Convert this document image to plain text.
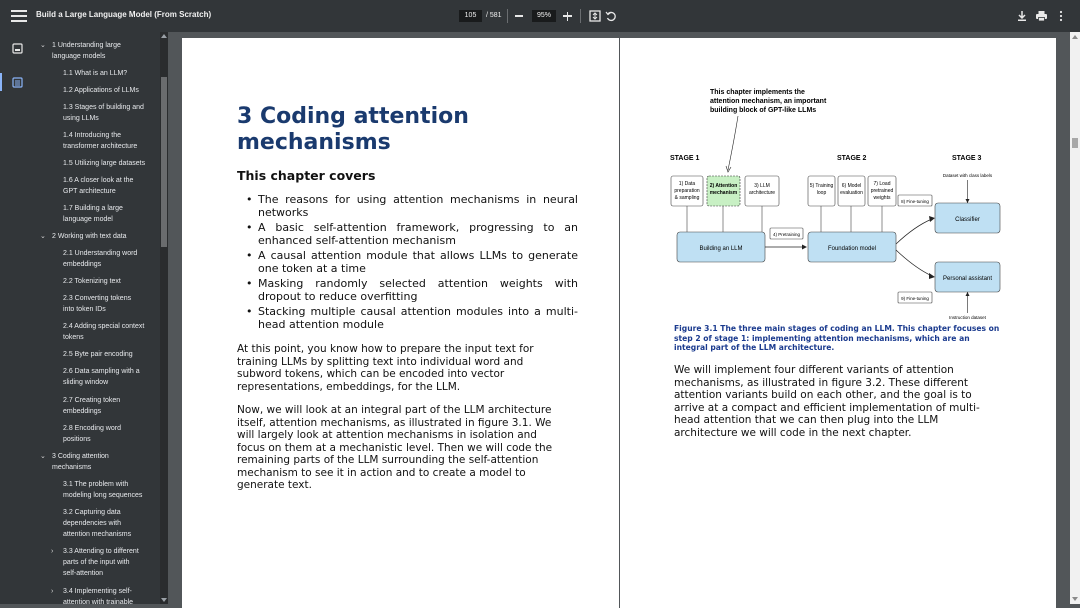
Build a Large Language Model (From Scratch)	105	/ 581	95%
⌄ 1 Understanding large
language models
1.1 What is an LLM?
1.2 Applications of LLMs
1.3 Stages of building and
using LLMs
1.4 Introducing the
transformer architecture
1.5 Utilizing large datasets
1.6 A closer look at the
GPT architecture
1.7 Building a large
language model
⌄ 2 Working with text data
2.1 Understanding word
embeddings
2.2 Tokenizing text
2.3 Converting tokens
into token IDs
2.4 Adding special context
tokens
2.5 Byte pair encoding
2.6 Data sampling with a
sliding window
2.7 Creating token
embeddings
2.8 Encoding word
positions
⌄ 3 Coding attention
mechanisms
3.1 The problem with
modeling long sequences
3.2 Capturing data
dependencies with
attention mechanisms
›	3.3 Attending to different
parts of the input with
self-attention
›	3.4 Implementing self-
attention with trainable
3 Coding attention
mechanisms
This chapter covers
• The reasons for using attention mechanisms in neural networks
• A basic self-attention framework, progressing to an enhanced self-attention mechanism
• A causal attention module that allows LLMs to generate one token at a time
• Masking randomly selected attention weights with dropout to reduce overfitting
• Stacking multiple causal attention modules into a multi-head attention module
At this point, you know how to prepare the input text for training LLMs by splitting text into individual word and subword tokens, which can be encoded into vector representations, embeddings, for the LLM.
Now, we will look at an integral part of the LLM architecture itself, attention mechanisms, as illustrated in figure 3.1. We will largely look at attention mechanisms in isolation and focus on them at a mechanistic level. Then we will code the remaining parts of the LLM surrounding the self-attention mechanism to see it in action and to create a model to generate text.
This chapter implements the
attention mechanism, an important
building block of GPT-like LLMs
STAGE 1	STAGE 2	STAGE 3
1) Data
preparation
& sampling
2) Attention
mechanism
3) LLM
architecture
Building an LLM
4) Pretraining
5) Training
loop
6) Model
evaluation
7) Load
pretrained
weights
Foundation model
8) Fine-tuning
9) Fine-tuning
Classifier
Dataset with class labels
Personal assistant
Instruction dataset
Figure 3.1 The three main stages of coding an LLM. This chapter focuses on step 2 of stage 1: implementing attention mechanisms, which are an integral part of the LLM architecture.
We will implement four different variants of attention mechanisms, as illustrated in figure 3.2. These different attention variants build on each other, and the goal is to arrive at a compact and efficient implementation of multi-head attention that we can then plug into the LLM architecture we will code in the next chapter.
